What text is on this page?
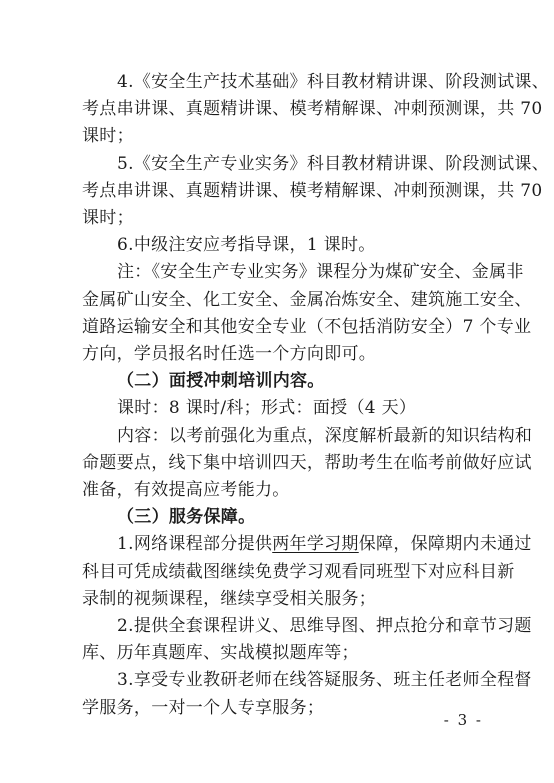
4.《安全生产技术基础》科目教材精讲课、阶段测试课、
考点串讲课、真题精讲课、模考精解课、冲刺预测课，共 70
课时；
5.《安全生产专业实务》科目教材精讲课、阶段测试课、
考点串讲课、真题精讲课、模考精解课、冲刺预测课，共 70
课时；
6.中级注安应考指导课，1 课时。
注：《安全生产专业实务》课程分为煤矿安全、金属非
金属矿山安全、化工安全、金属冶炼安全、建筑施工安全、
道路运输安全和其他安全专业（不包括消防安全）7 个专业
方向，学员报名时任选一个方向即可。
（二）面授冲刺培训内容。
课时：8 课时/科；形式：面授（4 天）
内容：以考前强化为重点，深度解析最新的知识结构和
命题要点，线下集中培训四天，帮助考生在临考前做好应试
准备，有效提高应考能力。
（三）服务保障。
1.网络课程部分提供两年学习期保障，保障期内未通过
科目可凭成绩截图继续免费学习观看同班型下对应科目新
录制的视频课程，继续享受相关服务；
2.提供全套课程讲义、思维导图、押点抢分和章节习题
库、历年真题库、实战模拟题库等；
3.享受专业教研老师在线答疑服务、班主任老师全程督
学服务，一对一个人专享服务；
- 3 -
